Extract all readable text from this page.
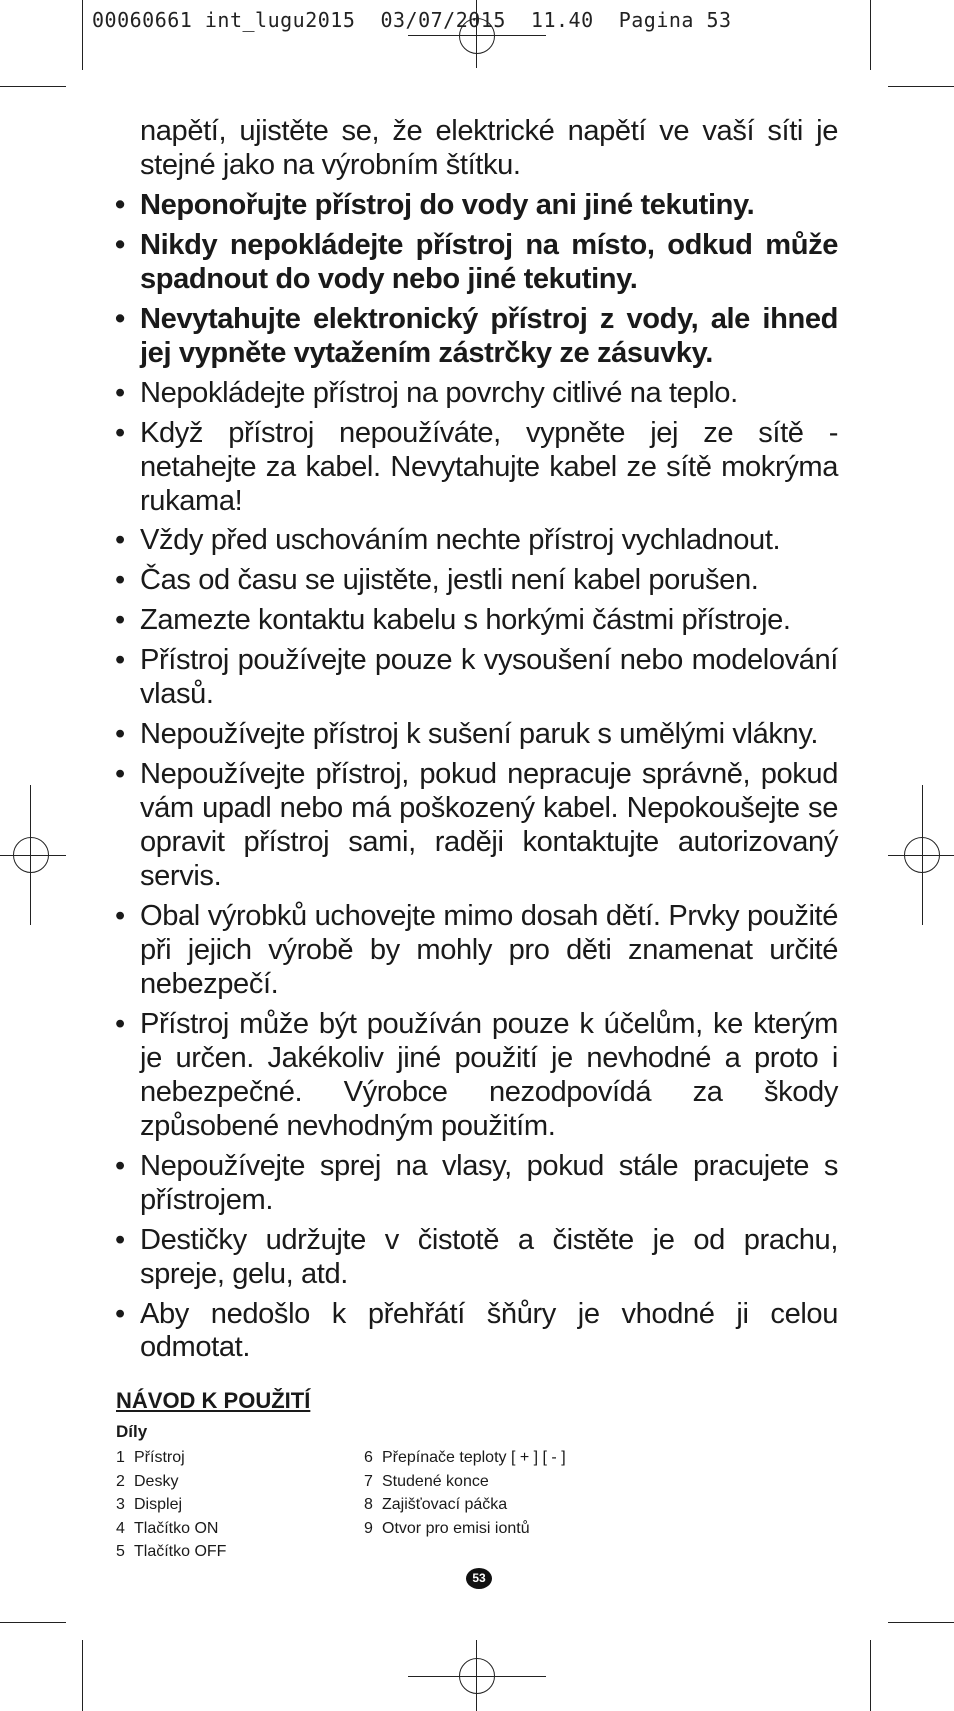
00060661 int_lugu2015  03/07/2015  11.40  Pagina 53

napětí, ujistěte se, že elektrické napětí ve vaší síti je stejné jako na výrobním štítku.

• Neponořujte přístroj do vody ani jiné tekutiny.
• Nikdy nepokládejte přístroj na místo, odkud může spadnout do vody nebo jiné tekutiny.
• Nevytahujte elektronický přístroj z vody, ale ihned jej vypněte vytažením zástrčky ze zásuvky.
• Nepokládejte přístroj na povrchy citlivé na teplo.
• Když přístroj nepoužíváte, vypněte jej ze sítě - netahejte za kabel. Nevytahujte kabel ze sítě mokrýma rukama!
• Vždy před uschováním nechte přístroj vychladnout.
• Čas od času se ujistěte, jestli není kabel porušen.
• Zamezte kontaktu kabelu s horkými částmi přístroje.
• Přístroj používejte pouze k vysoušení nebo modelování vlasů.
• Nepoužívejte přístroj k sušení paruk s umělými vlákny.
• Nepoužívejte přístroj, pokud nepracuje správně, pokud vám upadl nebo má poškozený kabel. Nepokoušejte se opravit přístroj sami, raději kontaktujte autorizovaný servis.
• Obal výrobků uchovejte mimo dosah dětí. Prvky použité při jejich výrobě by mohly pro děti znamenat určité nebezpečí.
• Přístroj může být používán pouze k účelům, ke kterým je určen. Jakékoliv jiné použití je nevhodné a proto i nebezpečné. Výrobce nezodpovídá za škody způsobené nevhodným použitím.
• Nepoužívejte sprej na vlasy, pokud stále pracujete s přístrojem.
• Destičky udržujte v čistotě a čistěte je od prachu, spreje, gelu, atd.
• Aby nedošlo k přehřátí šňůry je vhodné ji celou odmotat.
NÁVOD K POUŽITÍ
Díly
1 Přístroj
2 Desky
3 Displej
4 Tlačítko ON
5 Tlačítko OFF
6 Přepínače teploty [ + ] [ - ]
7 Studené konce
8 Zajišťovací páčka
9 Otvor pro emisi iontů
53
